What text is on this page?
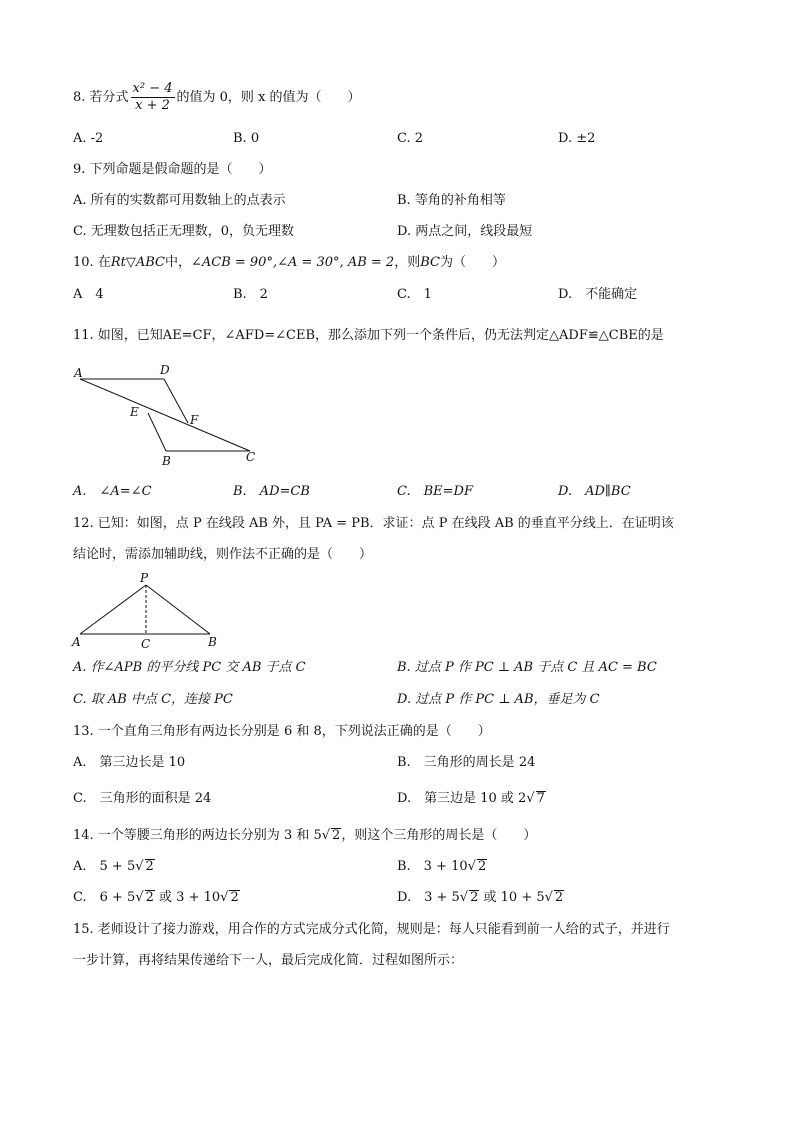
8. 若分式 $\frac{\text{x² − 4}}{x + 2}$ 的值为 0，则 x 的值为（　　）
A. -2	B. 0	C. 2	D. ±2
9. 下列命题是假命题的是（　　）
A. 所有的实数都可用数轴上的点表示	B. 等角的补角相等
C. 无理数包括正无理数，0，负无理数	D. 两点之间，线段最短
10. 在Rt▽ABC中，∠ACB = 90°,∠A = 30°, AB = 2，则BC为（　　）
A　4	B.　2	C.　1	D.　不能确定
11. 如图，已知AE=CF，∠AFD=∠CEB，那么添加下列一个条件后，仍无法判定△ADF≌△CBE的是
A	D
E
F
B	C
A.　∠A=∠C	B.　AD=CB	C.　BE=DF	D.　AD∥BC
12. 已知：如图，点 P 在线段 AB 外，且 PA = PB．求证：点 P 在线段 AB 的垂直平分线上．在证明该
结论时，需添加辅助线，则作法不正确的是（　　）
P
A	C	B
A. 作∠APB 的平分线 PC 交 AB 于点 C	B. 过点 P 作 PC ⊥ AB 于点 C 且 AC = BC
C. 取 AB 中点 C，连接 PC	D. 过点 P 作 PC ⊥ AB，垂足为 C
13. 一个直角三角形有两边长分别是 6 和 8，下列说法正确的是（　　）
A.　第三边长是 10	B.　三角形的周长是 24
C.　三角形的面积是 24	D.　第三边是 10 或 2√ 7
14. 一个等腰三角形的两边长分别为 3 和 5√ 2，则这个三角形的周长是（　　）
A.　5 + 5√ 2	B.　3 + 10√ 2
C.　6 + 5√ 2 或 3 + 10√ 2	D.　3 + 5√ 2 或 10 + 5√ 2
15. 老师设计了接力游戏，用合作的方式完成分式化简，规则是：每人只能看到前一人给的式子，并进行
一步计算，再将结果传递给下一人，最后完成化简．过程如图所示：
